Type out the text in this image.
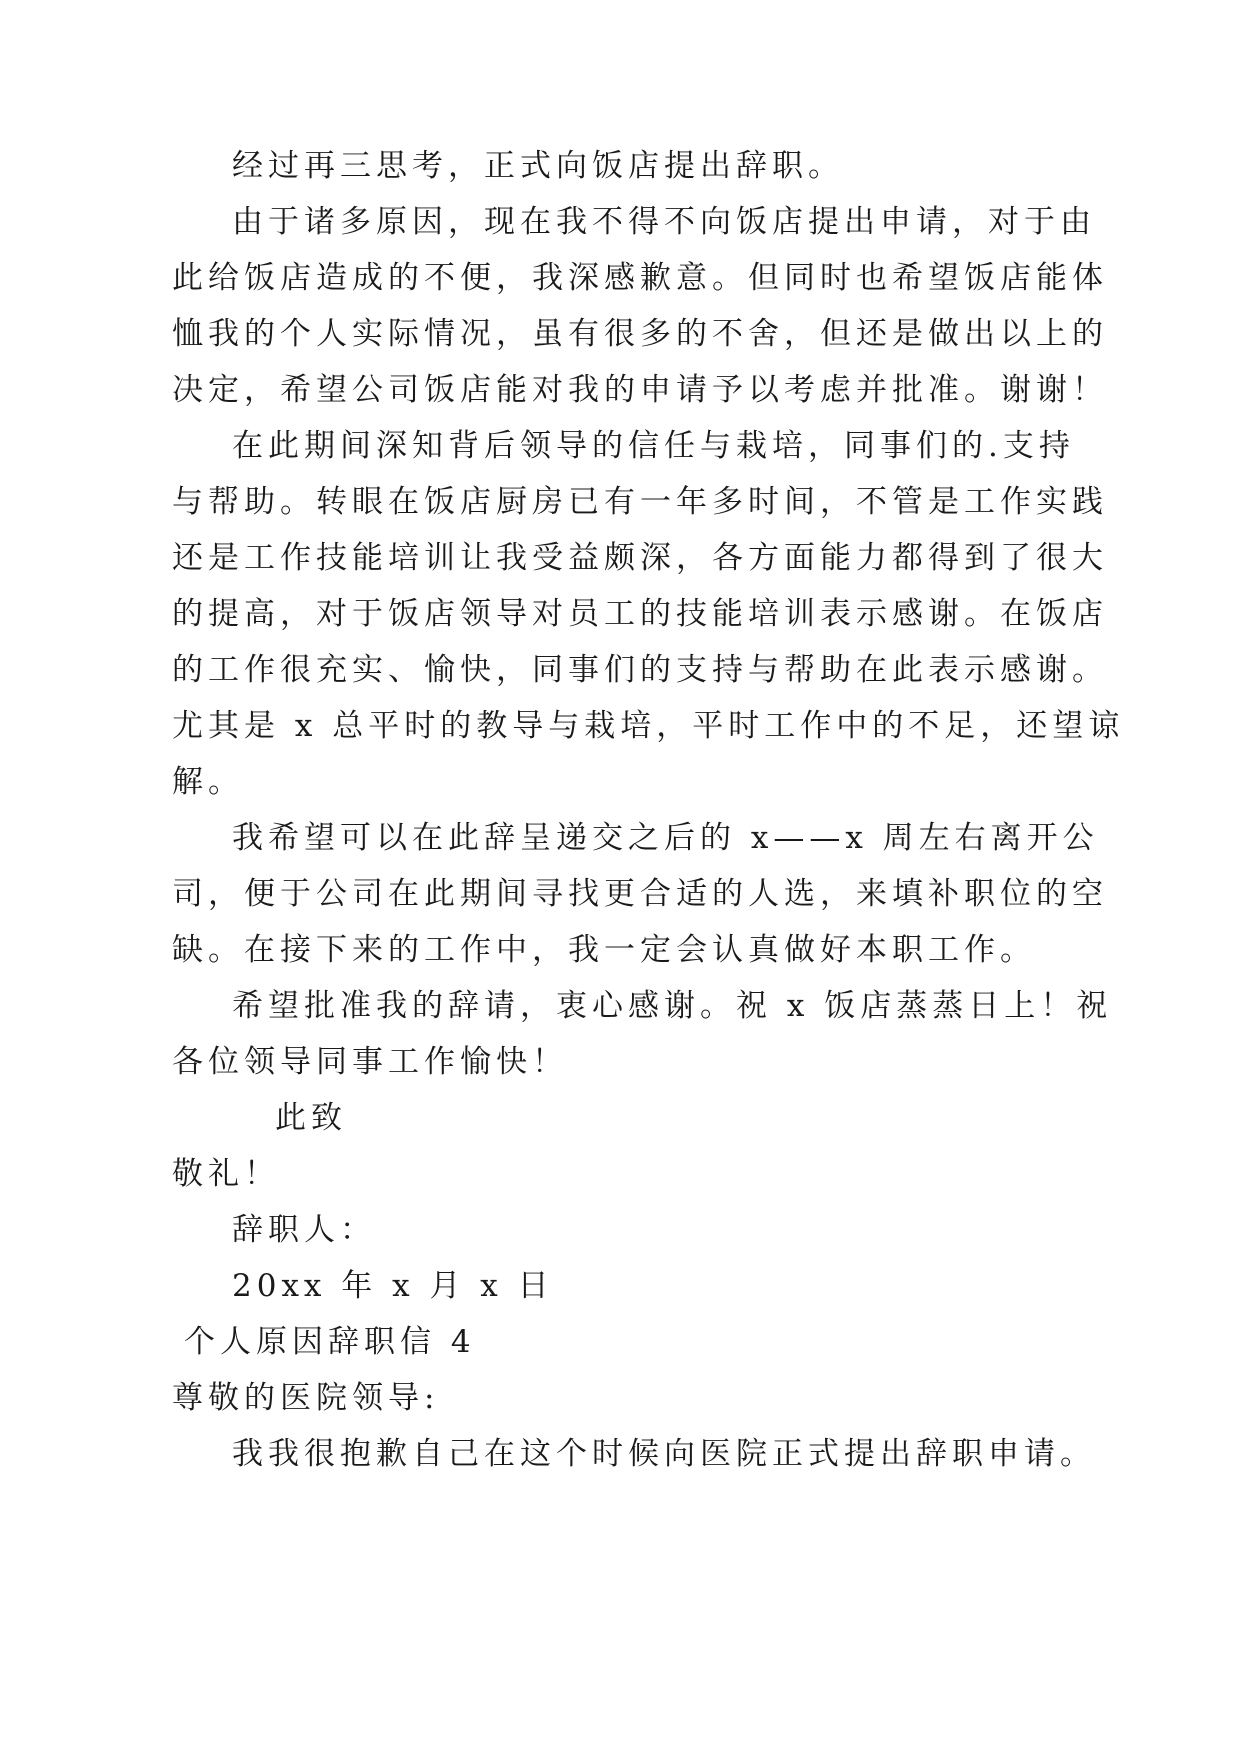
经过再三思考，正式向饭店提出辞职。
由于诸多原因，现在我不得不向饭店提出申请，对于由
此给饭店造成的不便，我深感歉意。但同时也希望饭店能体
恤我的个人实际情况，虽有很多的不舍，但还是做出以上的
决定，希望公司饭店能对我的申请予以考虑并批准。谢谢！
在此期间深知背后领导的信任与栽培，同事们的.支持
与帮助。转眼在饭店厨房已有一年多时间，不管是工作实践
还是工作技能培训让我受益颇深，各方面能力都得到了很大
的提高，对于饭店领导对员工的技能培训表示感谢。在饭店
的工作很充实、愉快，同事们的支持与帮助在此表示感谢。
尤其是 x 总平时的教导与栽培，平时工作中的不足，还望谅
解。
我希望可以在此辞呈递交之后的 x——x 周左右离开公
司，便于公司在此期间寻找更合适的人选，来填补职位的空
缺。在接下来的工作中，我一定会认真做好本职工作。
希望批准我的辞请，衷心感谢。祝 x 饭店蒸蒸日上！祝
各位领导同事工作愉快！
此致
敬礼！
辞职人：
20xx 年 x 月 x 日
个人原因辞职信 4
尊敬的医院领导:
我我很抱歉自己在这个时候向医院正式提出辞职申请。
